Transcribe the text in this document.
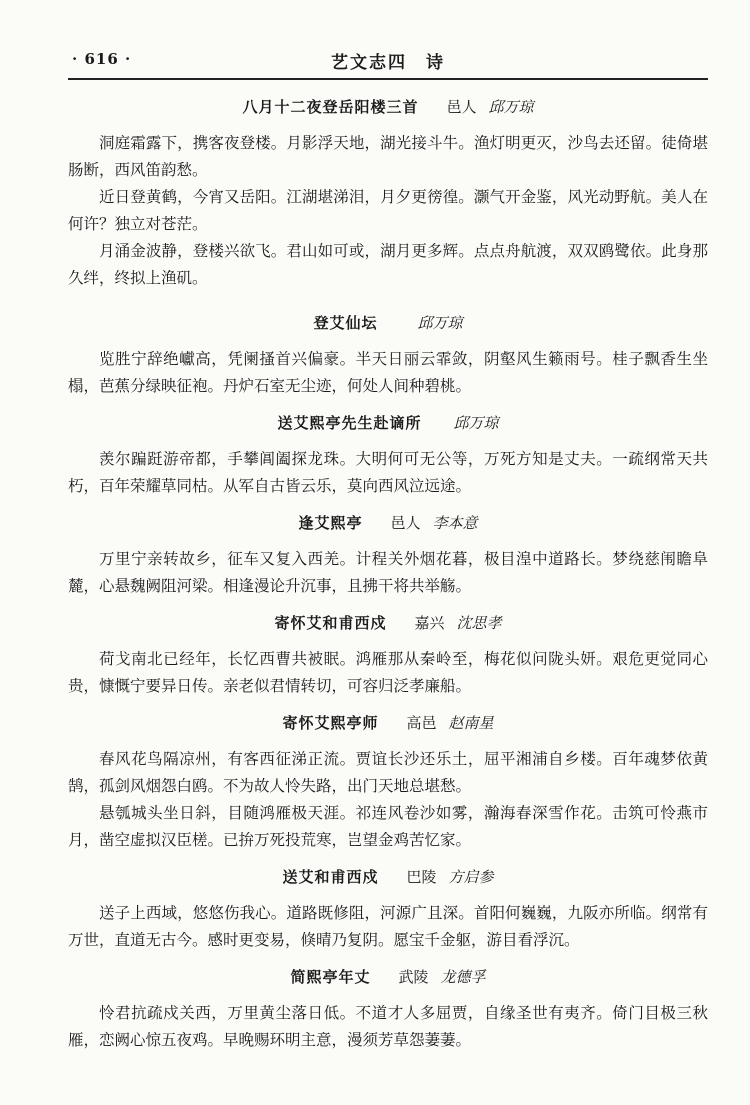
· 616 ·	艺文志四　诗
八月十二夜登岳阳楼三首 邑人 邱万琼

洞庭霜露下，携客夜登楼。月影浮天地，湖光接斗牛。渔灯明更灭，沙鸟去还留。徒倚堪肠断，西风笛韵愁。

近日登黄鹤，今宵又岳阳。江湖堪涕泪，月夕更徬徨。灏气开金鉴，风光动野航。美人在何许？独立对苍茫。

月涌金波静，登楼兴欲飞。君山如可或，湖月更多辉。点点舟航渡，双双鸥鹭依。此身那久绊，终拟上渔矶。

登艾仙坛	邱万琼

览胜宁辞绝巘高，凭阑搔首兴偏豪。半天日丽云霏敛，阴壑风生籁雨号。桂子飘香生坐榻，芭蕉分绿映征袍。丹炉石室无尘迹，何处人间种碧桃。

送艾熙亭先生赴谪所 邱万琼

羡尔蹁跹游帝都，手攀阊阖探龙珠。大明何可无公等，万死方知是丈夫。一疏纲常天共朽，百年荣耀草同枯。从军自古皆云乐，莫向西风泣远途。

逢艾熙亭 邑人 李本意

万里宁亲转故乡，征车又复入西羌。计程关外烟花暮，极目湟中道路长。梦绕慈闱瞻阜麓，心悬魏阙阻河梁。相逢漫论升沉事，且拂干将共举觞。

寄怀艾和甫西戍 嘉兴 沈思孝

荷戈南北已经年，长忆西曹共被眠。鸿雁那从秦岭至，梅花似问陇头妍。艰危更觉同心贵，慷慨宁要异日传。亲老似君情转切，可容归泛孝廉船。

寄怀艾熙亭师 高邑 赵南星

春风花鸟隔凉州，有客西征涕正流。贾谊长沙还乐土，屈平湘浦自乡楼。百年魂梦依黄鹄，孤剑风烟怨白鸥。不为故人怜失路，出门天地总堪愁。

悬瓠城头坐日斜，目随鸿雁极天涯。祁连风卷沙如雾，瀚海春深雪作花。击筑可怜燕市月，凿空虚拟汉臣槎。已拚万死投荒寒，岂望金鸡苦忆家。

送艾和甫西戍 巴陵 方启参

送子上西域，悠悠伤我心。道路既修阻，河源广且深。首阳何巍巍，九阪亦所临。纲常有万世，直道无古今。感时更变易，倏晴乃复阴。愿宝千金躯，游目看浮沉。

简熙亭年丈 武陵 龙德孚

怜君抗疏戍关西，万里黄尘落日低。不道才人多屈贾，自缘圣世有夷齐。倚门目极三秋雁，恋阙心惊五夜鸡。早晚赐环明主意，漫须芳草怨萋萋。
